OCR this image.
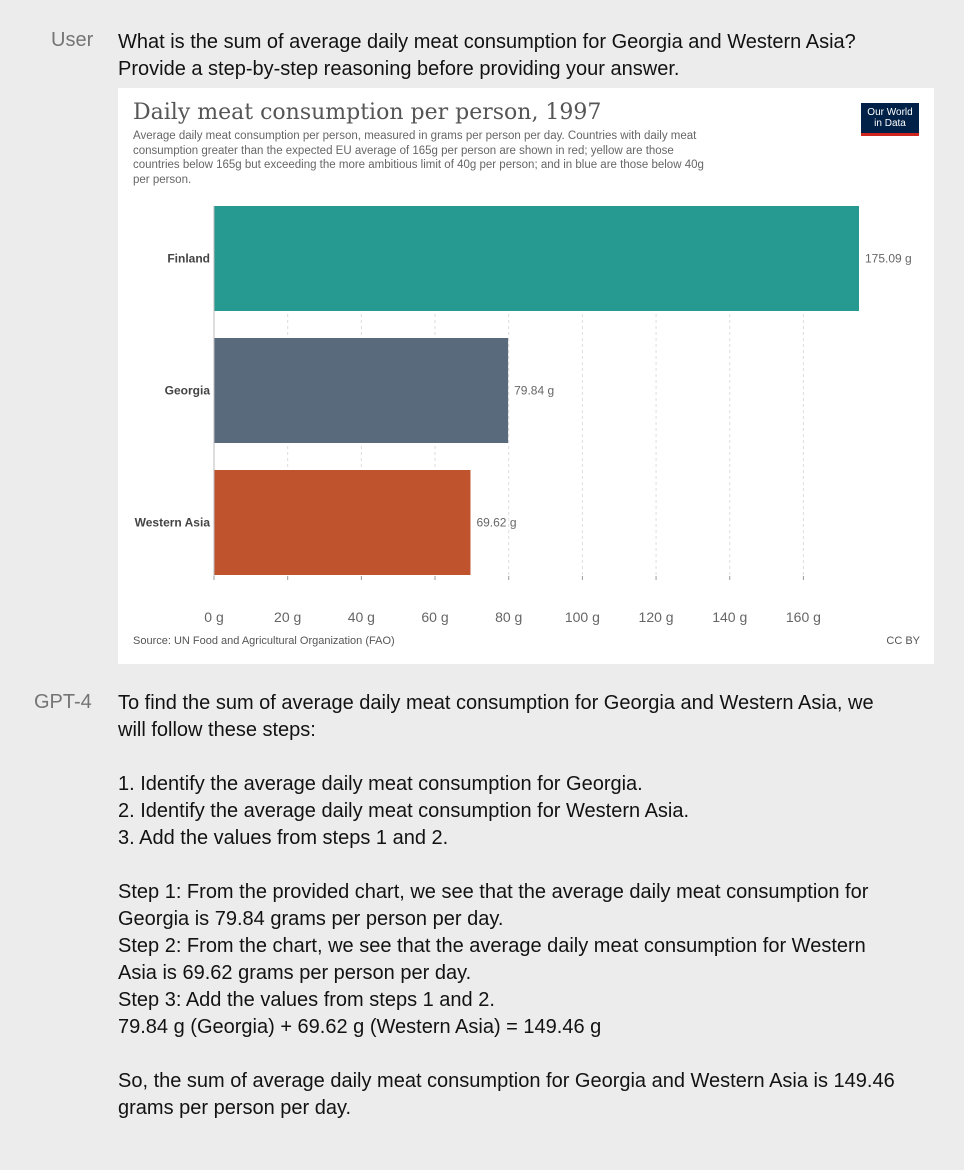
User What is the sum of average daily meat consumption for Georgia and Western Asia?

Provide a step-by-step reasoning before providing your answer.

Daily meat consumption per person, 1997
Average daily meat consumption per person, measured in grams per person per day. Countries with daily meat
consumption greater than the expected EU average of 165g per person are shown in red; yellow are those
countries below 165g but exceeding the more ambitious limit of 40g per person; and in blue are those below 40g
per person.
Our World
in Data
Finland	175.09 g
Georgia	79.84 g
Western Asia	69.62 g
0 g	20 g	40 g	60 g	80 g	100 g	120 g	140 g	160 g
Source: UN Food and Agricultural Organization (FAO)	CC BY
GPT-4 To find the sum of average daily meat consumption for Georgia and Western Asia, we

will follow these steps:

1. Identify the average daily meat consumption for Georgia.

2. Identify the average daily meat consumption for Western Asia.

3. Add the values from steps 1 and 2.

Step 1: From the provided chart, we see that the average daily meat consumption for

Georgia is 79.84 grams per person per day.

Step 2: From the chart, we see that the average daily meat consumption for Western

Asia is 69.62 grams per person per day.

Step 3: Add the values from steps 1 and 2.

79.84 g (Georgia) + 69.62 g (Western Asia) = 149.46 g

So, the sum of average daily meat consumption for Georgia and Western Asia is 149.46

grams per person per day.
